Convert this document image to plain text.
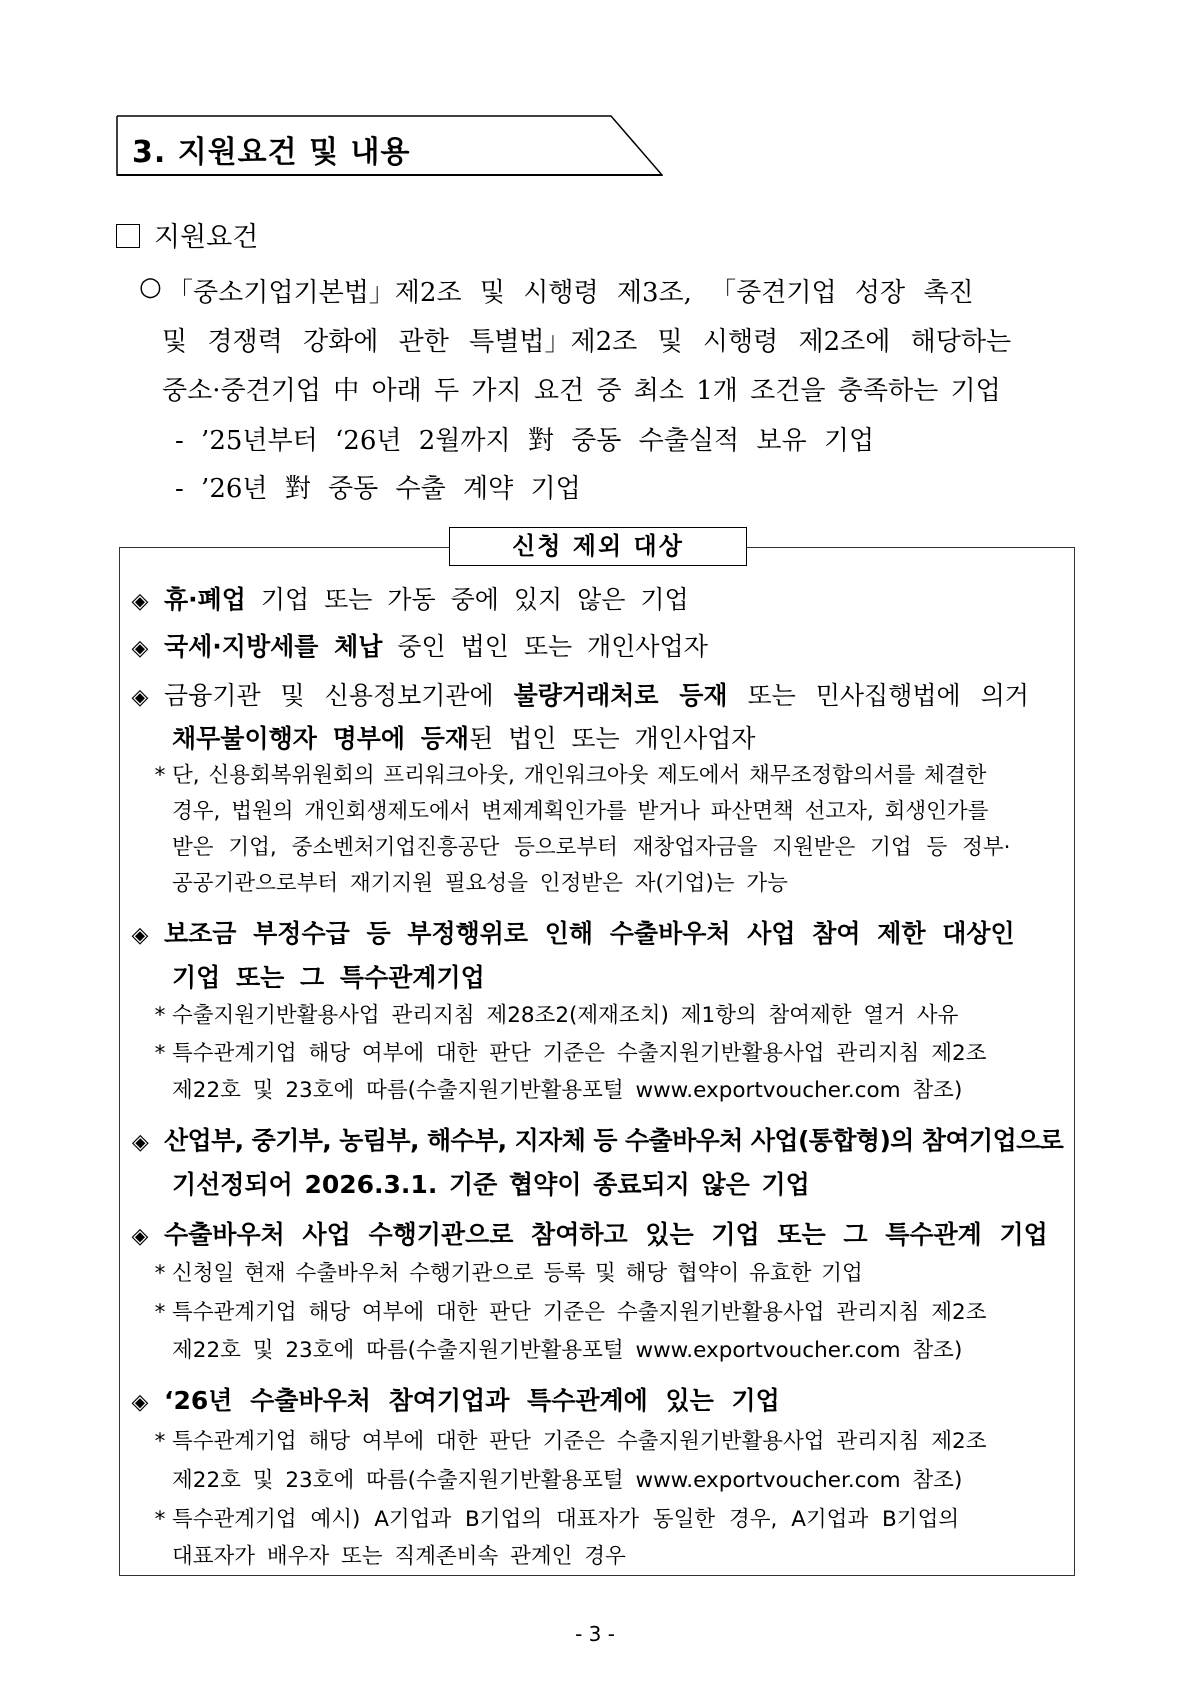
3. 지원요건 및 내용
지원요건
○ 「중소기업기본법」제2조 및 시행령 제3조, 「중견기업 성장 촉진
및 경쟁력 강화에 관한 특별법」제2조 및 시행령 제2조에 해당하는
중소·중견기업 中 아래 두 가지 요건 중 최소 1개 조건을 충족하는 기업
- ’25년부터 ‘26년 2월까지 對 중동 수출실적 보유 기업
- ’26년 對 중동 수출 계약 기업
신청 제외 대상
◈ 휴·폐업 기업 또는 가동 중에 있지 않은 기업
◈ 국세·지방세를 체납 중인 법인 또는 개인사업자
◈ 금융기관 및 신용정보기관에 불량거래처로 등재 또는 민사집행법에 의거
채무불이행자 명부에 등재된 법인 또는 개인사업자
* 단, 신용회복위원회의 프리워크아웃, 개인워크아웃 제도에서 채무조정합의서를 체결한
경우, 법원의 개인회생제도에서 변제계획인가를 받거나 파산면책 선고자, 회생인가를
받은 기업, 중소벤처기업진흥공단 등으로부터 재창업자금을 지원받은 기업 등 정부·
공공기관으로부터 재기지원 필요성을 인정받은 자(기업)는 가능
◈ 보조금 부정수급 등 부정행위로 인해 수출바우처 사업 참여 제한 대상인
기업 또는 그 특수관계기업
* 수출지원기반활용사업 관리지침 제28조2(제재조치) 제1항의 참여제한 열거 사유
* 특수관계기업 해당 여부에 대한 판단 기준은 수출지원기반활용사업 관리지침 제2조
제22호 및 23호에 따름(수출지원기반활용포털 www.exportvoucher.com 참조)
◈ 산업부, 중기부, 농림부, 해수부, 지자체 등 수출바우처 사업(통합형)의 참여기업으로
기선정되어 2026.3.1. 기준 협약이 종료되지 않은 기업
◈ 수출바우처 사업 수행기관으로 참여하고 있는 기업 또는 그 특수관계 기업
* 신청일 현재 수출바우처 수행기관으로 등록 및 해당 협약이 유효한 기업
* 특수관계기업 해당 여부에 대한 판단 기준은 수출지원기반활용사업 관리지침 제2조
제22호 및 23호에 따름(수출지원기반활용포털 www.exportvoucher.com 참조)
◈ ‘26년 수출바우처 참여기업과 특수관계에 있는 기업
* 특수관계기업 해당 여부에 대한 판단 기준은 수출지원기반활용사업 관리지침 제2조
제22호 및 23호에 따름(수출지원기반활용포털 www.exportvoucher.com 참조)
* 특수관계기업 예시) A기업과 B기업의 대표자가 동일한 경우, A기업과 B기업의
대표자가 배우자 또는 직계존비속 관계인 경우
- 3 -
